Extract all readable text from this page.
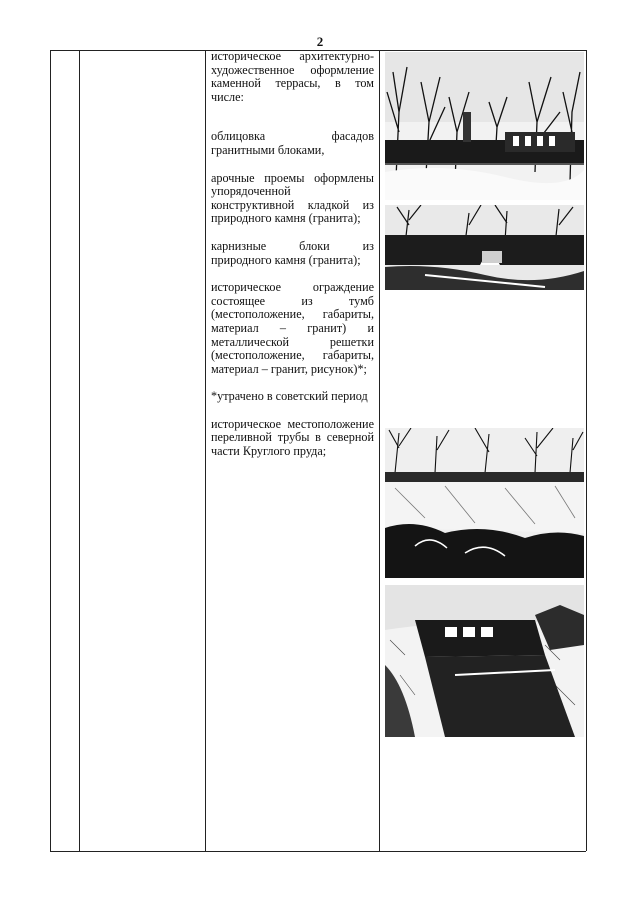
2

историческое архитектурно-художественное оформление каменной террасы, в том числе:

облицовка фасадов гранитными блоками,

арочные проемы оформлены упорядоченной конструктивной кладкой из природного камня (гранита);

карнизные блоки из природного камня (гранита);

историческое ограждение состоящее из тумб (местоположение, габариты, материал – гранит) и металлической решетки (местоположение, габариты, материал – гранит, рисунок)*;

*утрачено в советский период

историческое местоположение переливной трубы в северной части Круглого пруда;
